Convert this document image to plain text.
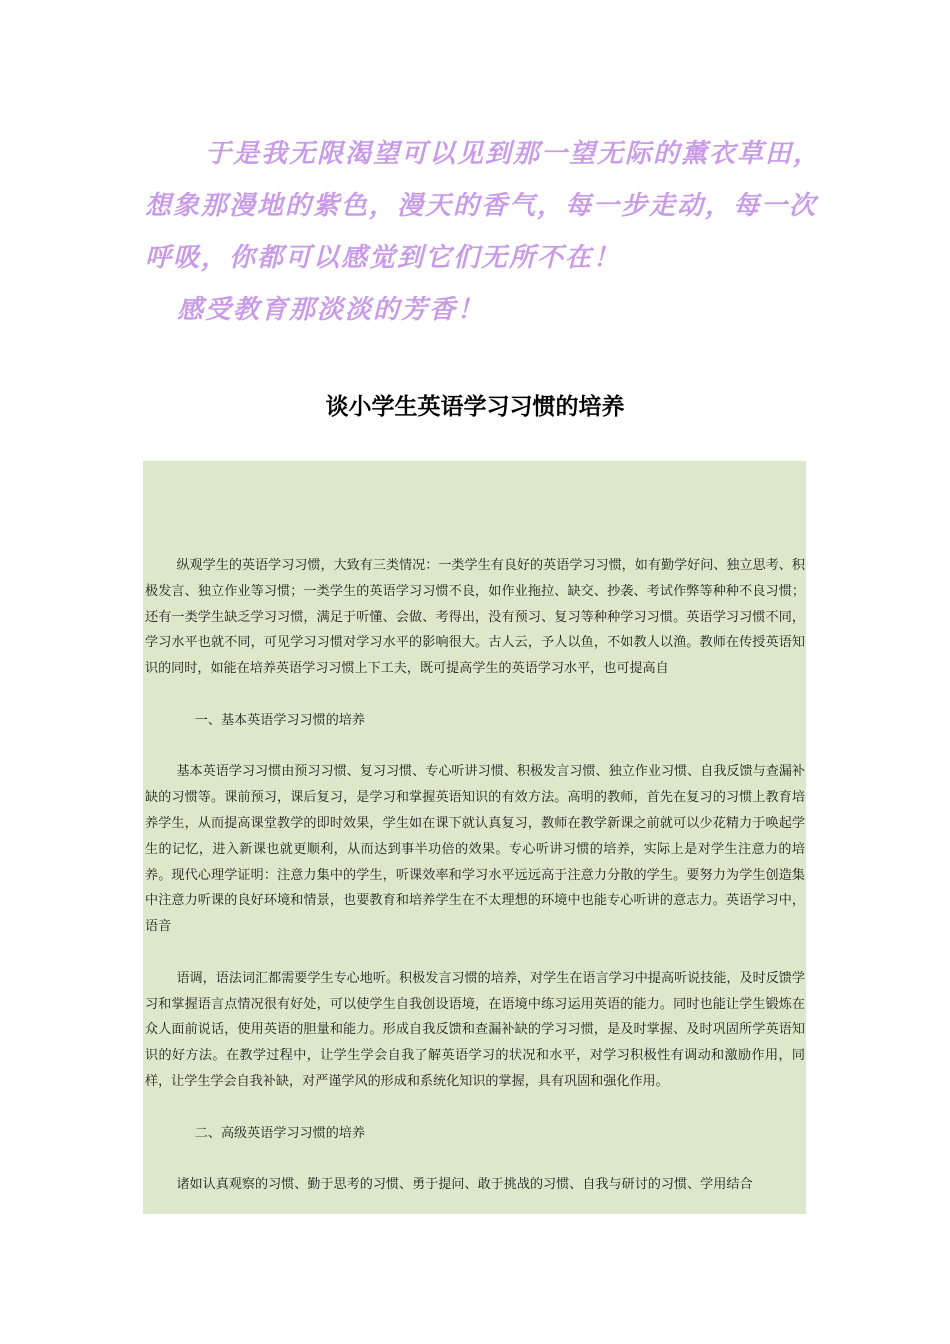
于是我无限渴望可以见到那一望无际的薰衣草田，
想象那漫地的紫色，漫天的香气，每一步走动，每一次
呼吸，你都可以感觉到它们无所不在！
感受教育那淡淡的芳香！
谈小学生英语学习习惯的培养

纵观学生的英语学习习惯，大致有三类情况：一类学生有良好的英语学习习惯，如有勤学好问、独立思考、积极发言、独立作业等习惯；一类学生的英语学习习惯不良，如作业拖拉、缺交、抄袭、考试作弊等种种不良习惯；还有一类学生缺乏学习习惯，满足于听懂、会做、考得出，没有预习、复习等种种学习习惯。英语学习习惯不同，学习水平也就不同，可见学习习惯对学习水平的影响很大。古人云，予人以鱼，不如教人以渔。教师在传授英语知识的同时，如能在培养英语学习习惯上下工夫，既可提高学生的英语学习水平，也可提高自

一、基本英语学习习惯的培养

基本英语学习习惯由预习习惯、复习习惯、专心听讲习惯、积极发言习惯、独立作业习惯、自我反馈与查漏补缺的习惯等。课前预习，课后复习，是学习和掌握英语知识的有效方法。高明的教师，首先在复习的习惯上教育培养学生，从而提高课堂教学的即时效果，学生如在课下就认真复习，教师在教学新课之前就可以少花精力于唤起学生的记忆，进入新课也就更顺利，从而达到事半功倍的效果。专心听讲习惯的培养，实际上是对学生注意力的培养。现代心理学证明：注意力集中的学生，听课效率和学习水平远远高于注意力分散的学生。要努力为学生创造集中注意力听课的良好环境和情景，也要教育和培养学生在不太理想的环境中也能专心听讲的意志力。英语学习中，语音

语调，语法词汇都需要学生专心地听。积极发言习惯的培养，对学生在语言学习中提高听说技能，及时反馈学习和掌握语言点情况很有好处，可以使学生自我创设语境，在语境中练习运用英语的能力。同时也能让学生锻炼在众人面前说话，使用英语的胆量和能力。形成自我反馈和查漏补缺的学习习惯，是及时掌握、及时巩固所学英语知识的好方法。在教学过程中，让学生学会自我了解英语学习的状况和水平，对学习积极性有调动和激励作用，同样，让学生学会自我补缺，对严谨学风的形成和系统化知识的掌握，具有巩固和强化作用。

二、高级英语学习习惯的培养

诸如认真观察的习惯、勤于思考的习惯、勇于提问、敢于挑战的习惯、自我与研讨的习惯、学用结合
